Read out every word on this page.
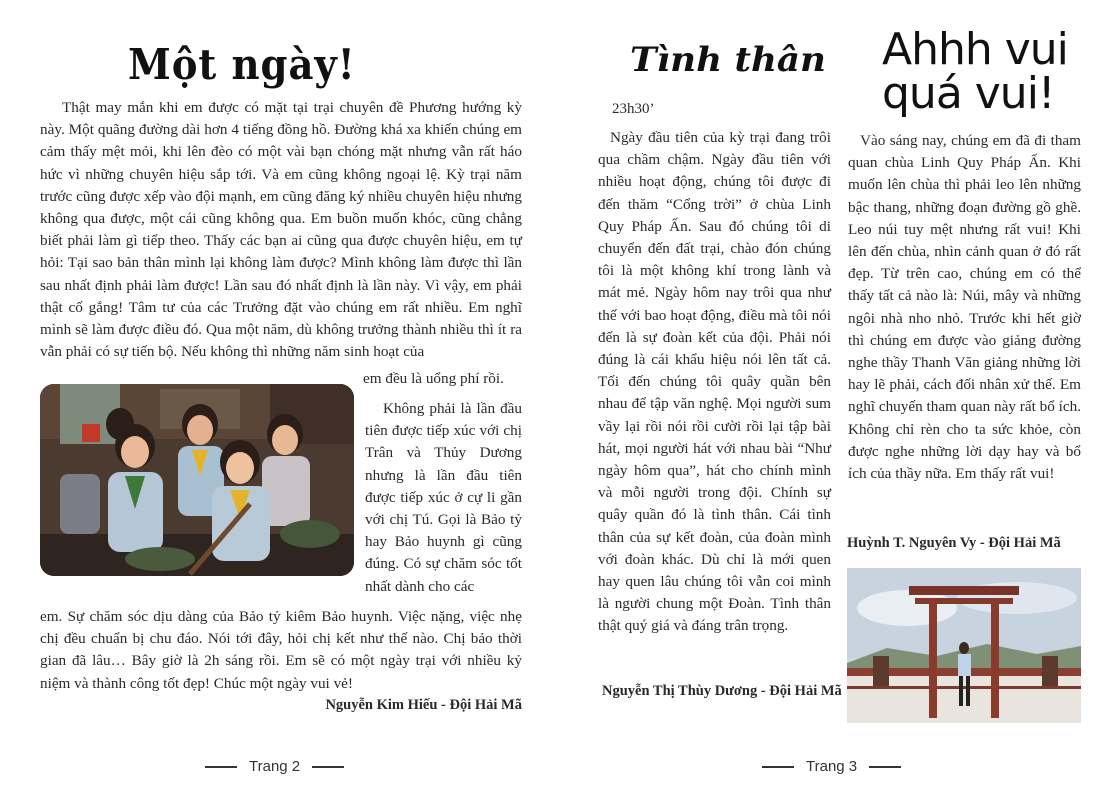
Một ngày!

Thật may mắn khi em được có mặt tại trại chuyên đề Phương hướng kỳ này. Một quãng đường dài hơn 4 tiếng đồng hồ. Đường khá xa khiến chúng em cảm thấy mệt mỏi, khi lên đèo có một vài bạn chóng mặt nhưng vẫn rất háo hức vì những chuyên hiệu sắp tới. Và em cũng không ngoại lệ. Kỳ trại năm trước cũng được xếp vào đội mạnh, em cũng đăng ký nhiều chuyên hiệu nhưng không qua được, một cái cũng không qua. Em buồn muốn khóc, cũng chẳng biết phải làm gì tiếp theo. Thấy các bạn ai cũng qua được chuyên hiệu, em tự hỏi: Tại sao bản thân mình lại không làm được? Mình không làm được thì lần sau nhất định phải làm được! Lần sau đó nhất định là lần này. Vì vậy, em phải thật cố gắng! Tâm tư của các Trưởng đặt vào chúng em rất nhiều. Em nghĩ mình sẽ làm được điều đó. Qua một năm, dù không trưởng thành nhiều thì ít ra vẫn phải có sự tiến bộ. Nếu không thì những năm sinh hoạt của

em đều là uổng phí rồi.

Không phải là lần đầu tiên được tiếp xúc với chị Trân và Thủy Dương nhưng là lần đầu tiên được tiếp xúc ở cự li gần với chị Tú. Gọi là Bảo tỷ hay Bảo huynh gì cũng đúng. Có sự chăm sóc tốt nhất dành cho các

em. Sự chăm sóc dịu dàng của Bảo tỷ kiêm Bảo huynh. Việc nặng, việc nhẹ chị đều chuẩn bị chu đáo. Nói tới đây, hỏi chị kết như thế nào. Chị bảo thời gian đã lâu… Bây giờ là 2h sáng rồi. Em sẽ có một ngày trại với nhiều kỷ niệm và thành công tốt đẹp! Chúc một ngày vui vẻ!

Nguyễn Kim Hiếu - Đội Hải Mã
Trang 2
Tình thân Ahhh vui
quá vui!
23h30’

Ngày đầu tiên của kỳ trại đang trôi qua chầm chậm. Ngày đầu tiên với nhiều hoạt động, chúng tôi được đi đến thăm “Cổng trời” ở chùa Linh Quy Pháp Ấn. Sau đó chúng tôi di chuyển đến đất trại, chào đón chúng tôi là một không khí trong lành và mát mẻ. Ngày hôm nay trôi qua như thế với bao hoạt động, điều mà tôi nói đến là sự đoàn kết của đội. Phải nói đúng là cái khẩu hiệu nói lên tất cả. Tối đến chúng tôi quây quần bên nhau để tập văn nghệ. Mọi người sum vầy lại rồi nói rồi cười rồi lại tập bài hát, mọi người hát với nhau bài “Như ngày hôm qua”, hát cho chính mình và mỗi người trong đội. Chính sự quây quần đó là tình thân. Cái tình thân của sự kết đoàn, của đoàn mình với đoàn khác. Dù chỉ là mới quen hay quen lâu chúng tôi vẫn coi mình là người chung một Đoàn. Tình thân thật quý giá và đáng trân trọng.

Nguyễn Thị Thùy Dương - Đội Hải Mã

Vào sáng nay, chúng em đã đi tham quan chùa Linh Quy Pháp Ấn. Khi muốn lên chùa thì phải leo lên những bậc thang, những đoạn đường gồ ghề. Leo núi tuy mệt nhưng rất vui! Khi lên đến chùa, nhìn cảnh quan ở đó rất đẹp. Từ trên cao, chúng em có thể thấy tất cả nào là: Núi, mây và những ngôi nhà nho nhỏ. Trước khi hết giờ thì chúng em được vào giảng đường nghe thầy Thanh Văn giảng những lời hay lẽ phải, cách đối nhân xử thế. Em nghĩ chuyến tham quan này rất bổ ích. Không chỉ rèn cho ta sức khỏe, còn được nghe những lời dạy hay và bổ ích của thầy nữa. Em thấy rất vui!

Huỳnh T. Nguyên Vy - Đội Hải Mã
Trang 3
